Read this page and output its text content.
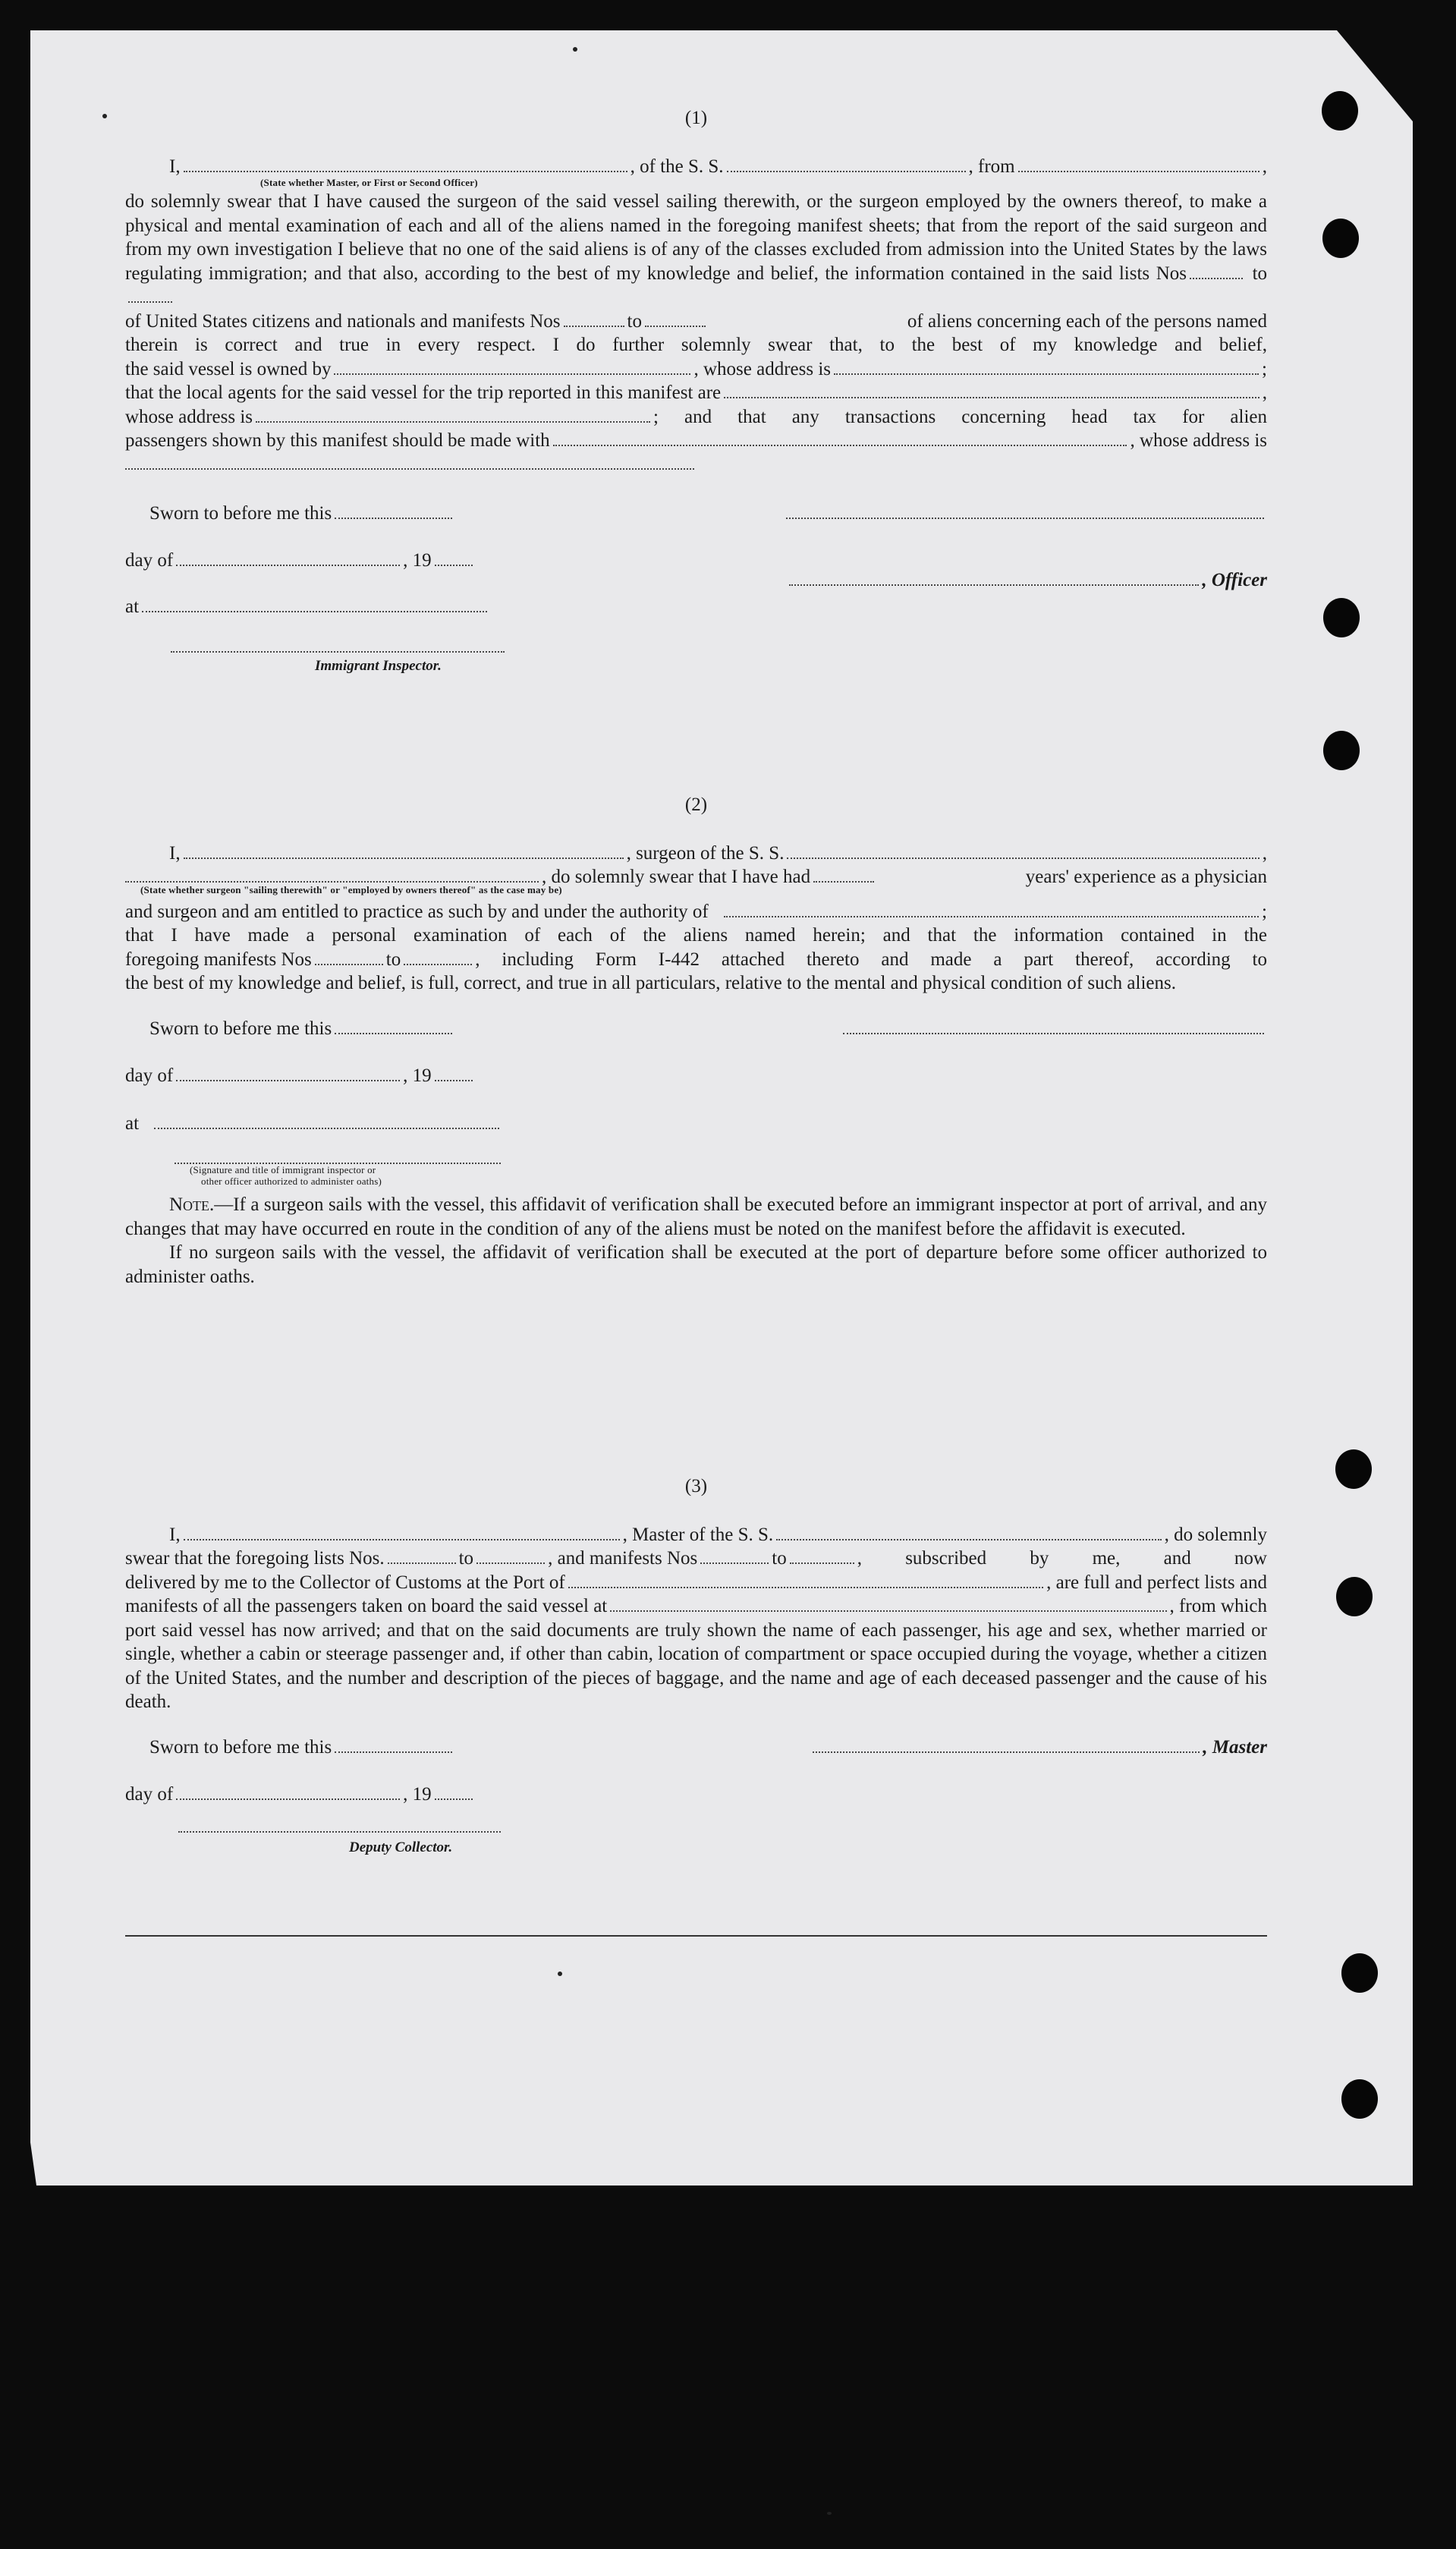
(1)
I,	, of the S. S.	, from	,
(State whether Master, or First or Second Officer)
do solemnly swear that I have caused the surgeon of the said vessel sailing therewith, or the surgeon employed by the owners thereof, to make a physical and mental examination of each and all of the aliens named in the foregoing manifest sheets; that from the report of the said surgeon and from my own investigation I believe that no one of the said aliens is of any of the classes excluded from admission into the United States by the laws regulating immigration; and that also, according to the best of my knowledge and belief, the information contained in the said lists Nos	to
of United States citizens and nationals and manifests Nos	to	of aliens concerning each of the persons named
therein is correct and true in every respect. I do further solemnly swear that, to the best of my knowledge and belief,
the said vessel is owned by	, whose address is	;
that the local agents for the said vessel for the trip reported in this manifest are	,
whose address is	; and that any transactions concerning head tax for alien
passengers shown by this manifest should be made with	, whose address is
Sworn to before me this
day of	, 19
, Officer
at
Immigrant Inspector.
(2)
I,	, surgeon of the S. S.	,
, do solemnly swear that I have had	years' experience as a physician
(State whether surgeon "sailing therewith" or "employed by owners thereof" as the case may be)
and surgeon and am entitled to practice as such by and under the authority of	;
that I have made a personal examination of each of the aliens named herein; and that the information contained in the
foregoing manifests Nos	to	, including Form I-442 attached thereto and made a part thereof, according to
the best of my knowledge and belief, is full, correct, and true in all particulars, relative to the mental and physical condition of such aliens.
Sworn to before me this
day of	, 19
at
(Signature and title of immigrant inspector or
other officer authorized to administer oaths)
Note.—If a surgeon sails with the vessel, this affidavit of verification shall be executed before an immigrant inspector at port of arrival, and any changes that may have occurred en route in the condition of any of the aliens must be noted on the manifest before the affidavit is executed.
If no surgeon sails with the vessel, the affidavit of verification shall be executed at the port of departure before some officer authorized to administer oaths.
(3)
I,	, Master of the S. S.	, do solemnly
swear that the foregoing lists Nos.	to	, and manifests Nos	to	, subscribed by me, and now
delivered by me to the Collector of Customs at the Port of	, are full and perfect lists and
manifests of all the passengers taken on board the said vessel at	, from which
port said vessel has now arrived; and that on the said documents are truly shown the name of each passenger, his age and sex, whether married or single, whether a cabin or steerage passenger and, if other than cabin, location of compartment or space occupied during the voyage, whether a citizen of the United States, and the number and description of the pieces of baggage, and the name and age of each deceased passenger and the cause of his death.
Sworn to before me this	, Master
day of	, 19
Deputy Collector.
